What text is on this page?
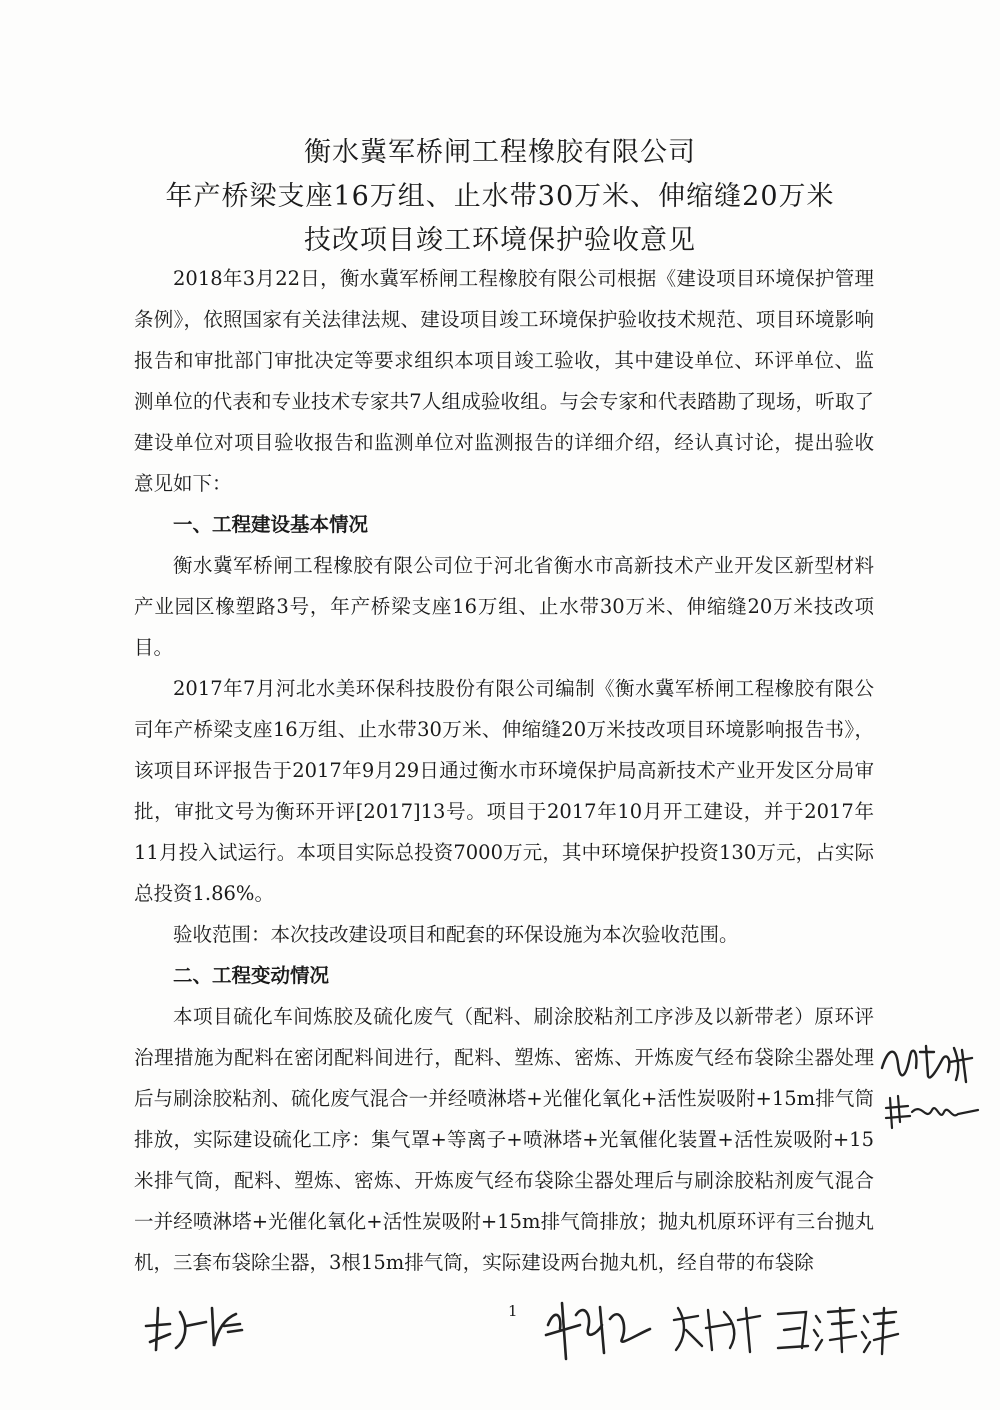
衡水冀军桥闸工程橡胶有限公司
年产桥梁支座16万组、止水带30万米、伸缩缝20万米
技改项目竣工环境保护验收意见

2018年3月22日，衡水冀军桥闸工程橡胶有限公司根据《建设项目环境保护管理条例》，依照国家有关法律法规、建设项目竣工环境保护验收技术规范、项目环境影响报告和审批部门审批决定等要求组织本项目竣工验收，其中建设单位、环评单位、监测单位的代表和专业技术专家共7人组成验收组。与会专家和代表踏勘了现场，听取了建设单位对项目验收报告和监测单位对监测报告的详细介绍，经认真讨论，提出验收意见如下：

一、工程建设基本情况

衡水冀军桥闸工程橡胶有限公司位于河北省衡水市高新技术产业开发区新型材料产业园区橡塑路3号，年产桥梁支座16万组、止水带30万米、伸缩缝20万米技改项目。

2017年7月河北水美环保科技股份有限公司编制《衡水冀军桥闸工程橡胶有限公司年产桥梁支座16万组、止水带30万米、伸缩缝20万米技改项目环境影响报告书》，该项目环评报告于2017年9月29日通过衡水市环境保护局高新技术产业开发区分局审批，审批文号为衡环开评[2017]13号。项目于2017年10月开工建设，并于2017年11月投入试运行。本项目实际总投资7000万元，其中环境保护投资130万元，占实际总投资1.86%。

验收范围：本次技改建设项目和配套的环保设施为本次验收范围。

二、工程变动情况

本项目硫化车间炼胶及硫化废气（配料、刷涂胶粘剂工序涉及以新带老）原环评治理措施为配料在密闭配料间进行，配料、塑炼、密炼、开炼废气经布袋除尘器处理后与刷涂胶粘剂、硫化废气混合一并经喷淋塔+光催化氧化+活性炭吸附+15m排气筒排放，实际建设硫化工序：集气罩+等离子+喷淋塔+光氧催化装置+活性炭吸附+15米排气筒，配料、塑炼、密炼、开炼废气经布袋除尘器处理后与刷涂胶粘剂废气混合一并经喷淋塔+光催化氧化+活性炭吸附+15m排气筒排放；抛丸机原环评有三台抛丸机，三套布袋除尘器，3根15m排气筒，实际建设两台抛丸机，经自带的布袋除

1
